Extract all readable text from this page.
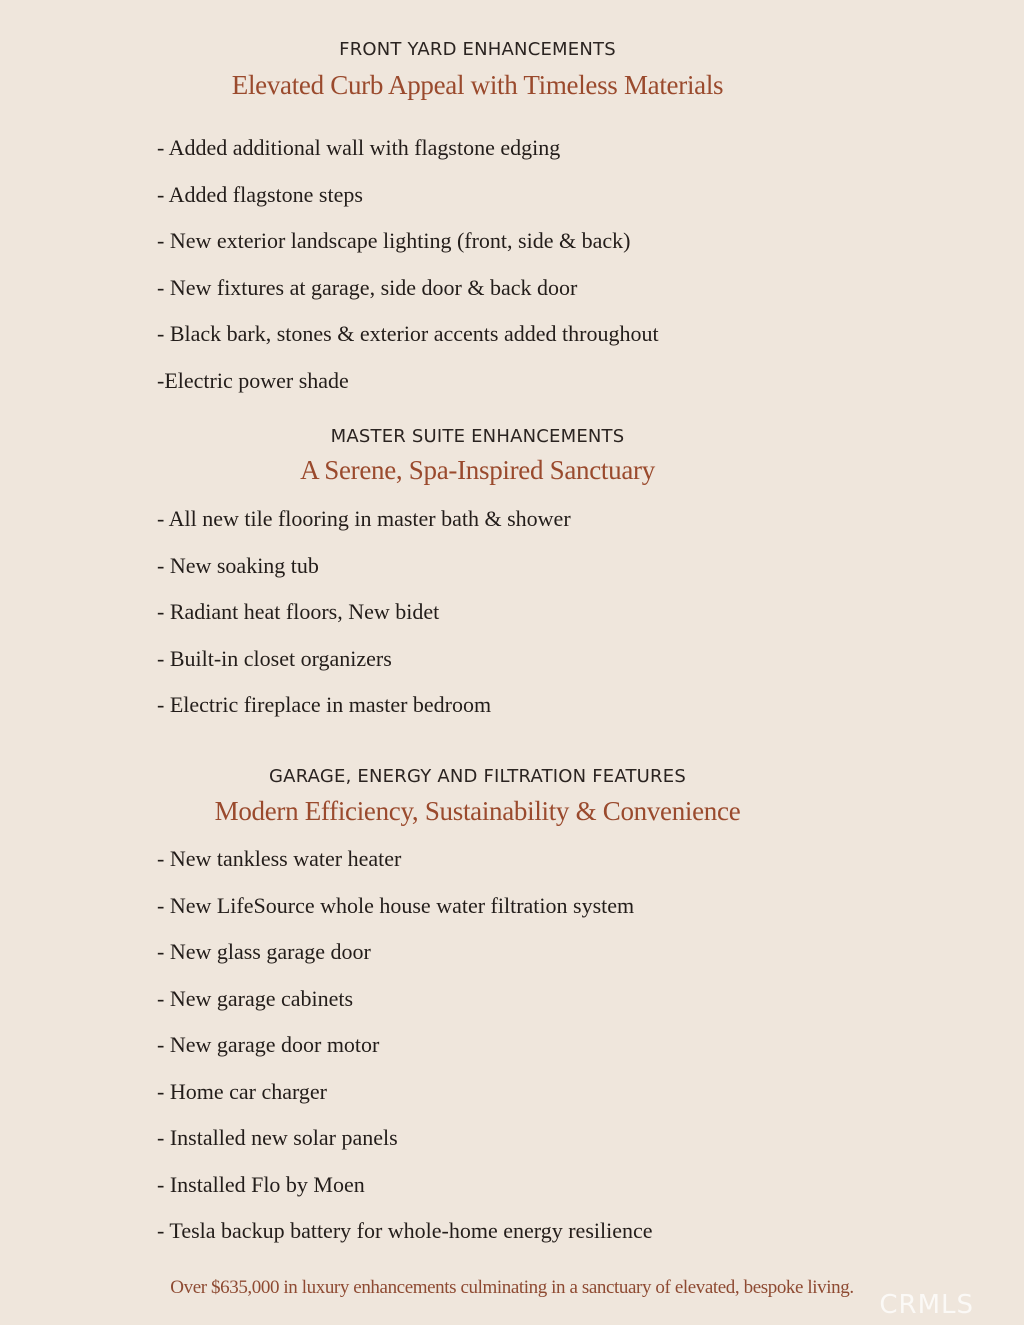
FRONT YARD ENHANCEMENTS
Elevated Curb Appeal with Timeless Materials
- Added additional wall with flagstone edging
- Added flagstone steps
- New exterior landscape lighting (front, side & back)
- New fixtures at garage, side door & back door
- Black bark, stones & exterior accents added throughout
-Electric power shade
MASTER SUITE ENHANCEMENTS
A Serene, Spa-Inspired Sanctuary
- All new tile flooring in master bath & shower
- New soaking tub
- Radiant heat floors, New bidet
- Built-in closet organizers
- Electric fireplace in master bedroom
GARAGE, ENERGY AND FILTRATION FEATURES
Modern Efficiency, Sustainability & Convenience
- New tankless water heater
- New LifeSource whole house water filtration system
- New glass garage door
- New garage cabinets
- New garage door motor
- Home car charger
- Installed new solar panels
- Installed Flo by Moen
- Tesla backup battery for whole-home energy resilience
Over $635,000 in luxury enhancements culminating in a sanctuary of elevated, bespoke living.
CRMLS
